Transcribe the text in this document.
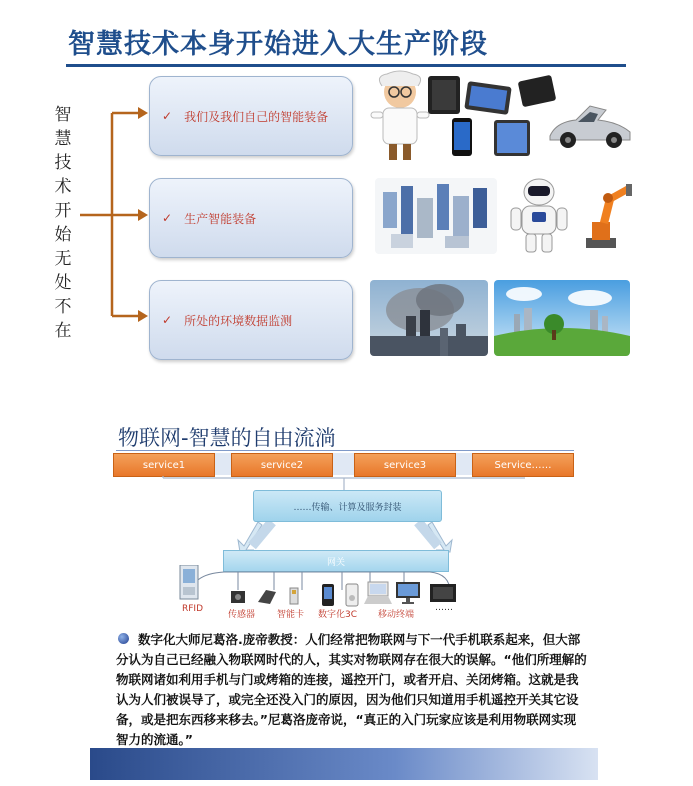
智慧技术本身开始进入大生产阶段
智
慧
技
术
开
始
无
处
不
在
✓ 我们及我们自己的智能装备
✓ 生产智能装备
✓ 所处的环境数据监测
物联网-智慧的自由流淌
service1	service2	service3	Service……
……传输、计算及服务封装
网关
RFID
传感器 智能卡 数字化3C 移动终端
……
数字化大师尼葛洛.庞帝教授：人们经常把物联网与下一代手机联系起来，但大部分认为自己已经融入物联网时代的人，其实对物联网存在很大的误解。“他们所理解的物联网诸如利用手机与门或烤箱的连接，遥控开门，或者开启、关闭烤箱。这就是我认为人们被误导了，或完全还没入门的原因，因为他们只知道用手机遥控开关其它设备，或是把东西移来移去。”尼葛洛庞帝说，“真正的入门玩家应该是利用物联网实现智力的流通。”
